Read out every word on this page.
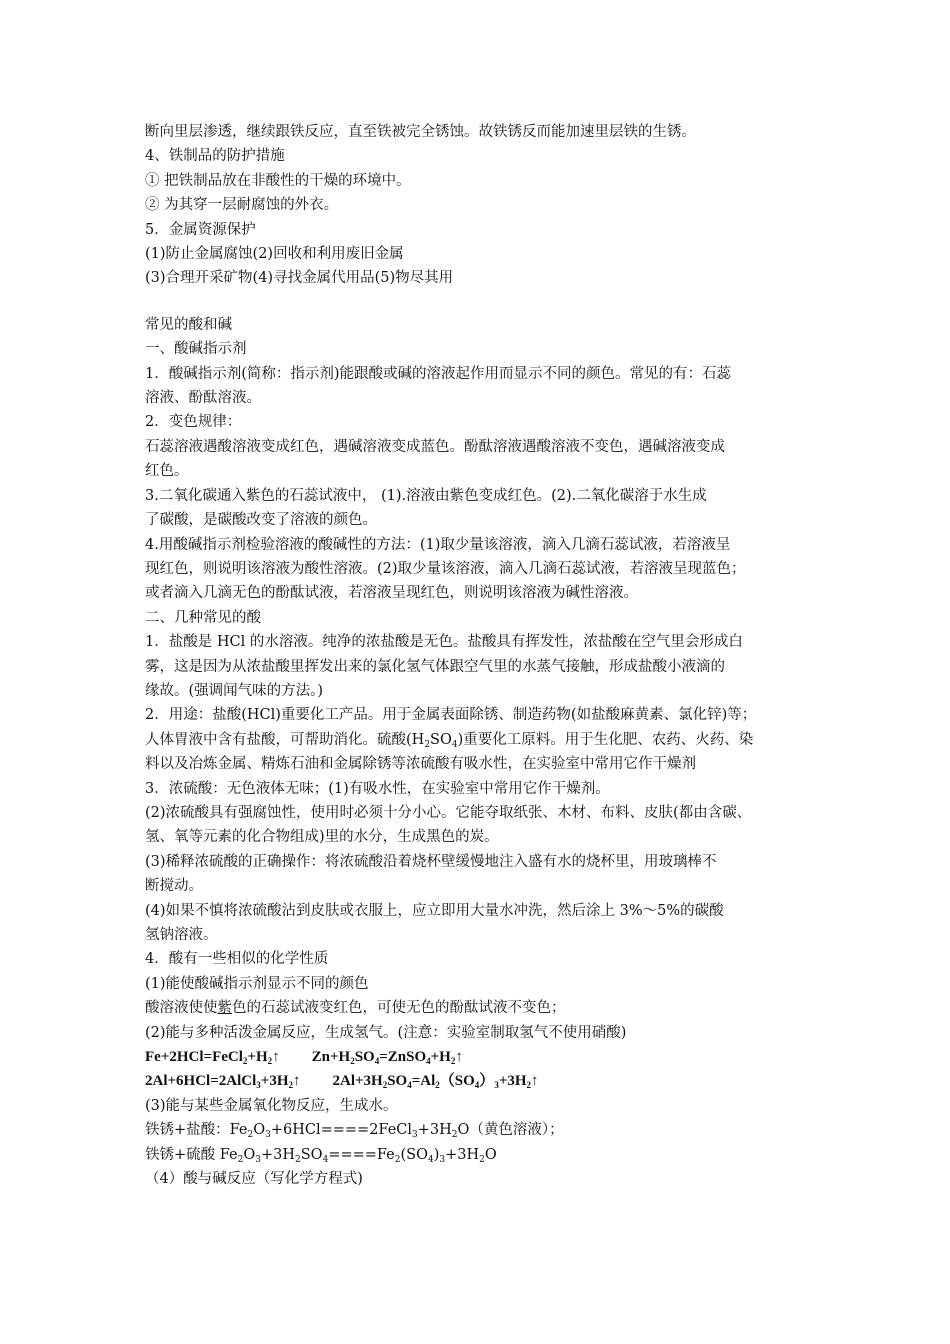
断向里层渗透，继续跟铁反应，直至铁被完全锈蚀。故铁锈反而能加速里层铁的生锈。
4、铁制品的防护措施
① 把铁制品放在非酸性的干燥的环境中。
② 为其穿一层耐腐蚀的外衣。
5．金属资源保护
(1)防止金属腐蚀(2)回收和利用废旧金属
(3)合理开采矿物(4)寻找金属代用品(5)物尽其用
常见的酸和碱
一、酸碱指示剂
1．酸碱指示剂(简称：指示剂)能跟酸或碱的溶液起作用而显示不同的颜色。常见的有：石蕊
溶液、酚酞溶液。
2．变色规律：
石蕊溶液遇酸溶液变成红色，遇碱溶液变成蓝色。酚酞溶液遇酸溶液不变色，遇碱溶液变成
红色。
3.二氧化碳通入紫色的石蕊试液中， (1).溶液由紫色变成红色。(2).二氧化碳溶于水生成
了碳酸，是碳酸改变了溶液的颜色。
4.用酸碱指示剂检验溶液的酸碱性的方法：(1)取少量该溶液，滴入几滴石蕊试液，若溶液呈
现红色，则说明该溶液为酸性溶液。(2)取少量该溶液，滴入几滴石蕊试液，若溶液呈现蓝色；
或者滴入几滴无色的酚酞试液，若溶液呈现红色，则说明该溶液为碱性溶液。
二、几种常见的酸
1．盐酸是 HCl 的水溶液。纯净的浓盐酸是无色。盐酸具有挥发性，浓盐酸在空气里会形成白
雾，这是因为从浓盐酸里挥发出来的氯化氢气体跟空气里的水蒸气接触，形成盐酸小液滴的
缘故。(强调闻气味的方法。)
2．用途：盐酸(HCl)重要化工产品。用于金属表面除锈、制造药物(如盐酸麻黄素、氯化锌)等；
人体胃液中含有盐酸，可帮助消化。硫酸$(H_2SO_4)$重要化工原料。用于生化肥、农药、火药、染
料以及冶炼金属、精炼石油和金属除锈等浓硫酸有吸水性，在实验室中常用它作干燥剂
3．浓硫酸：无色液体无味；(1)有吸水性，在实验室中常用它作干燥剂。
(2)浓硫酸具有强腐蚀性，使用时必须十分小心。它能夺取纸张、木材、布料、皮肤(都由含碳、
氢、氧等元素的化合物组成)里的水分，生成黑色的炭。
(3)稀释浓硫酸的正确操作：将浓硫酸沿着烧杯壁缓慢地注入盛有水的烧杯里，用玻璃棒不
断搅动。
(4)如果不慎将浓硫酸沾到皮肤或衣服上，应立即用大量水冲洗，然后涂上 3%～5%的碳酸
氢钠溶液。
4．酸有一些相似的化学性质
(1)能使酸碱指示剂显示不同的颜色
酸溶液使使紫色的石蕊试液变红色，可使无色的酚酞试液不变色；
(2)能与多种活泼金属反应，生成氢气。(注意：实验室制取氢气不使用硝酸)
$Fe+2HCl=FeCl_2+H_2↑$ $Zn+H_2SO_4=ZnSO_4+H_2↑$
$2Al+6HCl=2AlCl_3+3H_2↑$ $2Al+3H_2SO_4=Al_2(SO_4)_3+3H_2↑$
(3)能与某些金属氧化物反应，生成水。
铁锈+盐酸：$Fe_2O_3+6HCl====2FeCl_3+3H_2O$（黄色溶液）；
铁锈+硫酸 $Fe_2O_3+3H_2SO_4====Fe_2(SO_4)_3+3H_2O$
（4）酸与碱反应（写化学方程式)
